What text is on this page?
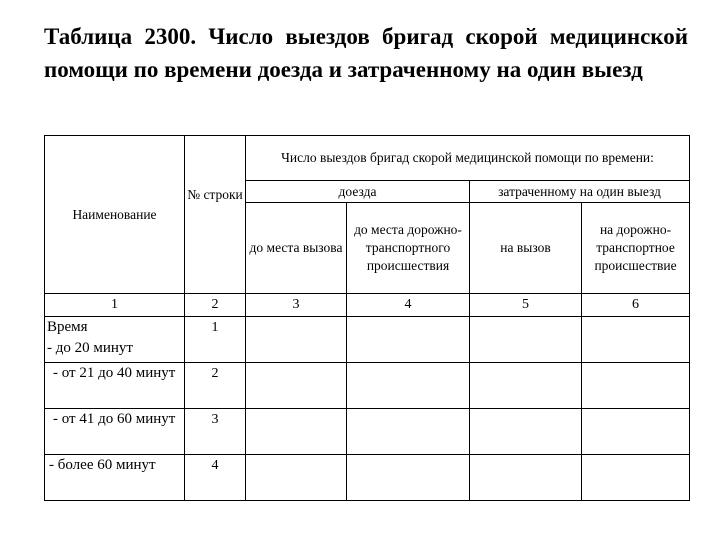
Таблица 2300. Число выездов бригад скорой медицинской помощи по времени доезда и затраченному на один выезд
Наименование	№ строки	Число выездов бригад скорой медицинской помощи по времени:			
		доезда		затраченному на один выезд	
		до места вызова	до места дорожно-транспортного происшествия	на вызов	на дорожно-транспортное происшествие
1	2	3	4	5	6

Время
- до 20 минут	1				
- от 21 до 40 минут	2				
- от 41 до 60 минут	3				
- более 60 минут	4				
